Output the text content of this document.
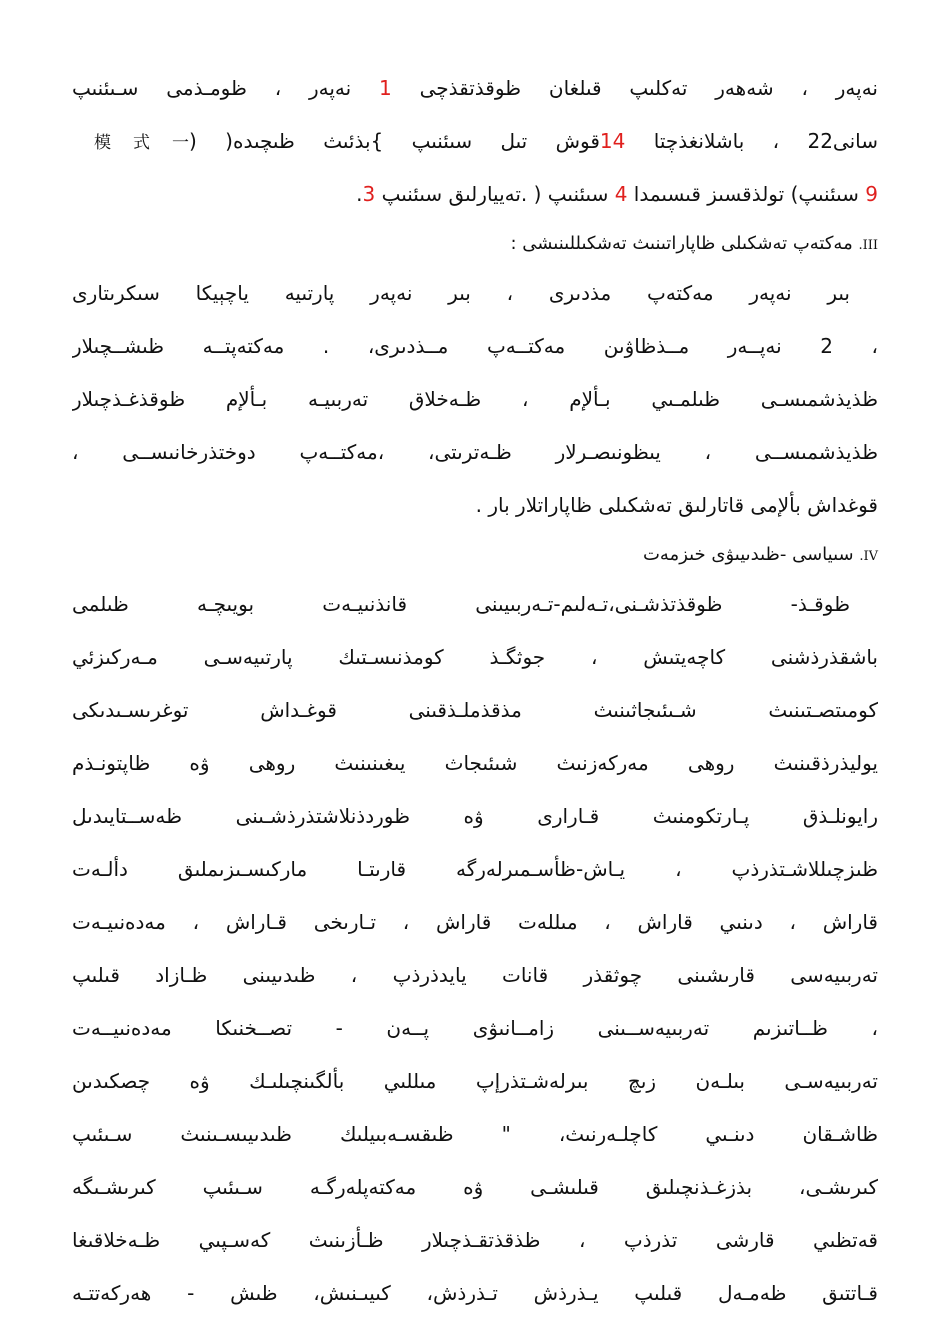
نەپەر ، شەھەر تەكلىپ قىلغان ظوقذتقذچى 1 نەپەر ، ظومـذمى سـىئنىپ
سانى22 ، باشلانغذچتا 14قوش تىل سىئنىپ }بذئىث ظىچىدە( (模式一
9 سىئنىپ) تولذقسىز قىسىمدا 4 سىئنىپ ( .تەييارلىق سىئنىپ 3.
III. مەكتەپ تەشكىلى ظاپاراتىنىث تەشكىللىنىشى :
بىر نەپەر مەكتەپ مذدىرى ، بىر نەپەر پارتىيە ياچېيكا سىكرىتارى
، 2 نەپــەر مــذظاۋىن مەكتــەپ مــذدىرى، . مەكتەپتــە ظىشــچىلار
ظذيذشمىسـى ظىلمـىي بـألإم ، ظـەخلاق تەربىيـە بـألإم ظوقذغـذچىلار
ظذيذشمىســى ، يىظونىصـرلار ظـەترىتى، ،مەكتــەپ دوختذرخانىســى ،
قوغداش بألإمى قاتارلىق تەشكىلى ظاپاراتلار بار .
IV. سىياسى -ظىدىيىۋى خىزمەت
ظوقـذ- ظوقذتذشـنى،تـەلىم-تـەربىيىنى قانذنىيـەت بويىچـە ظىلمى
باشقذرذشنى كاچەيتىش ، جوثگـذ كومذنىسـتىك پارتىيەسـى مـەركىزئي
كومىتصـتىنىث شـىئىجاثىنىث مذقذملـذقىنى قوغـداش توغرىسـىدىكى
يوليذرذقىنىث روھى مەركەزنىث شىئىجاث يىغىنىنىث روھى ۋە ظاپتونـذم
رايونلـذق پـارتكومنىث قـارارى ۋە ظوردذنلاشتذرذشـىنى ظەســتايىدىل
ظىزچىللاشـتذرذپ ، يـاش-ظأسـمىرلەرگە قارىتـا ماركىسـىزىملىق دألـەت
قاراش ، دىنىي قاراش ، مىللەت قاراش ، تـارىخى قـاراش ، مەدەنىيـەت
تەربىيەسى قارىشىنى چوثقذر قانات يايدذرذپ ، ظىدىيىنى ظـازاد قىلىپ
، ظــاتىزىم تەربىيەســىنى زامــانىۋى پــەن - تصــخنىكا مەدەنىيــەت
تەربىيەسـى بىلـەن زىچ بىرلەشـتذرإپ مىللىي بألگىنچىلىـك ۋە چصكىدىن
ظاشـقان دىنـىي كاچلـەرنىث، " ظىقسـەبىيلىك ظىدىيىسـىنىث سـىئىپ
كىرىشـى، بذزغـذنچىلىق قىلىشـى ۋە مەكتەپلەرگـە سـىئىپ كىرىشـىگە
قەتظىي قارشى تذرذپ ، ظذقذتقـذچىلار ظـأزىنىث كەسـپىي ظـەخلاقىغا
قـاتتىق ظەمـەل قىلىپ يـذرذش تـذرذش، كىيىـنىش، ظىش - ھەركەتتـە
